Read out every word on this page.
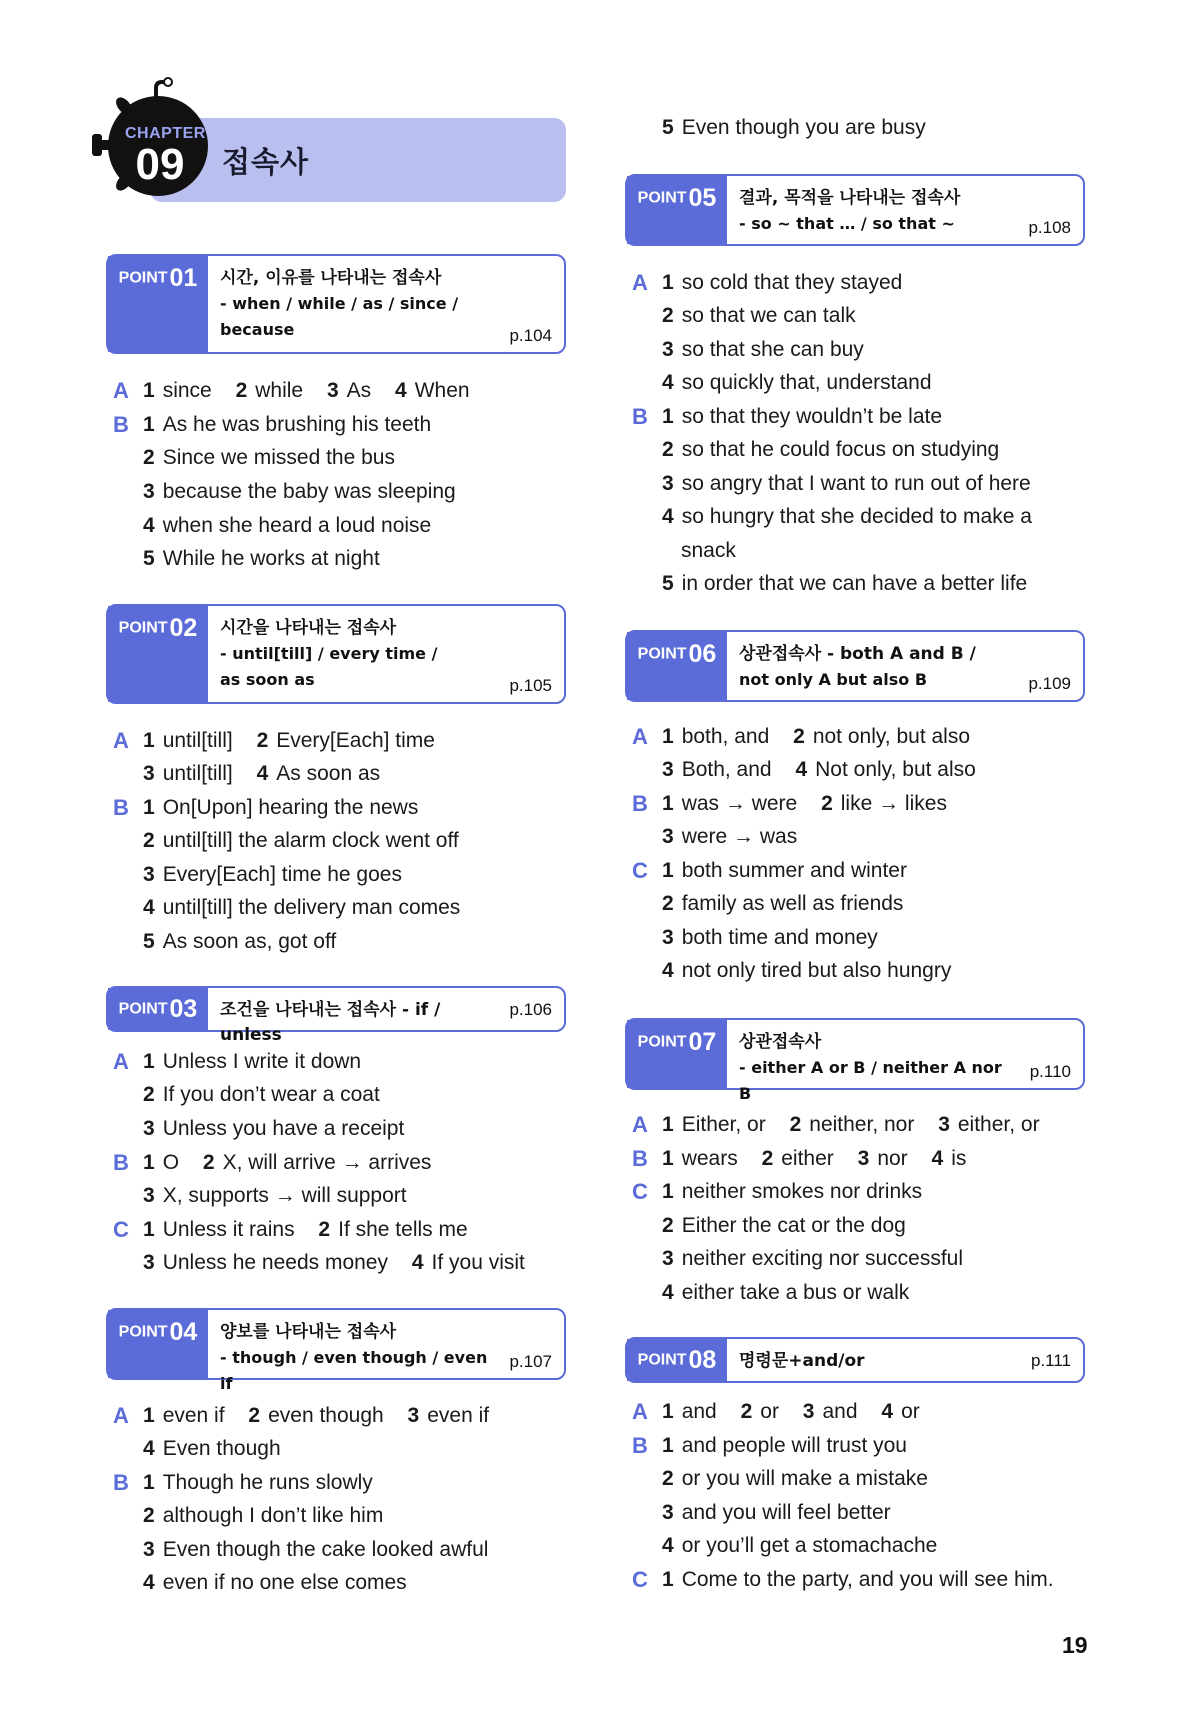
CHAPTER
09	접속사
POINT01	시간, 이유를 나타내는 접속사
- when / while / as / since /
because	p.104
A 1 since 2 while 3 As 4 When
B 1 As he was brushing his teeth
2 Since we missed the bus
3 because the baby was sleeping
4 when she heard a loud noise
5 While he works at night
POINT02	시간을 나타내는 접속사
- until[till] / every time /
as soon as	p.105
A 1 until[till] 2 Every[Each] time
3 until[till] 4 As soon as
B 1 On[Upon] hearing the news
2 until[till] the alarm clock went off
3 Every[Each] time he goes
4 until[till] the delivery man comes
5 As soon as, got off
POINT03	조건을 나타내는 접속사 - if / unless
p.106
A 1 Unless I write it down
2 If you don’t wear a coat
3 Unless you have a receipt
B 1 O 2 X, will arrive → arrives
3 X, supports → will support
C 1 Unless it rains 2 If she tells me
3 Unless he needs money 4 If you visit
POINT04	양보를 나타내는 접속사
- though / even though / even if
p.107
A 1 even if 2 even though 3 even if
4 Even though
B 1 Though he runs slowly
2 although I don’t like him
3 Even though the cake looked awful
4 even if no one else comes
5 Even though you are busy
POINT05	결과, 목적을 나타내는 접속사
- so ~ that … / so that ~	p.108
A 1 so cold that they stayed
2 so that we can talk
3 so that she can buy
4 so quickly that, understand
B 1 so that they wouldn’t be late
2 so that he could focus on studying
3 so angry that I want to run out of here
4 so hungry that she decided to make a
snack
5 in order that we can have a better life
POINT06	상관접속사 - both A and B /
not only A but also B	p.109
A 1 both, and 2 not only, but also
3 Both, and 4 Not only, but also
B 1 was → were 2 like → likes
3 were → was
C 1 both summer and winter
2 family as well as friends
3 both time and money
4 not only tired but also hungry
POINT07	상관접속사
- either A or B / neither A nor B
p.110
A 1 Either, or 2 neither, nor 3 either, or
B 1 wears 2 either 3 nor 4 is
C 1 neither smokes nor drinks
2 Either the cat or the dog
3 neither exciting nor successful
4 either take a bus or walk
POINT08	명령문+and/or	p.111
A 1 and 2 or 3 and 4 or
B 1 and people will trust you
2 or you will make a mistake
3 and you will feel better
4 or you’ll get a stomachache
C 1 Come to the party, and you will see him.
19
